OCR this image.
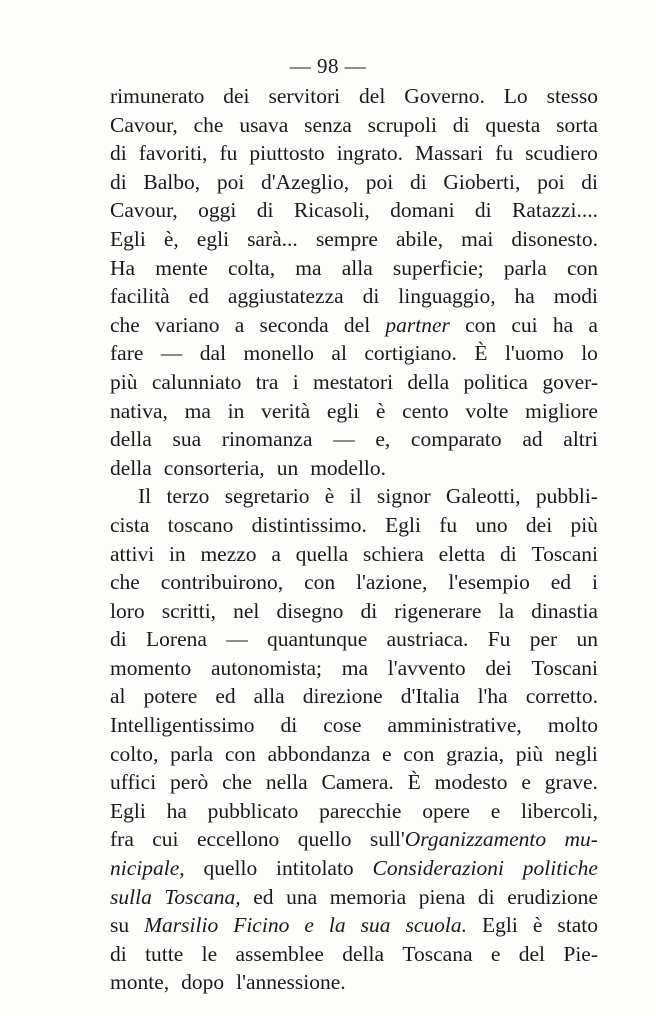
— 98 —
rimunerato dei servitori del Governo. Lo stesso
Cavour, che usava senza scrupoli di questa sorta
di favoriti, fu piuttosto ingrato. Massari fu scudiero
di Balbo, poi d'Azeglio, poi di Gioberti, poi di
Cavour, oggi di Ricasoli, domani di Ratazzi....
Egli è, egli sarà... sempre abile, mai disonesto.
Ha mente colta, ma alla superficie; parla con
facilità ed aggiustatezza di linguaggio, ha modi
che variano a seconda del partner con cui ha a
fare — dal monello al cortigiano. È l'uomo lo
più calunniato tra i mestatori della politica gover-
nativa, ma in verità egli è cento volte migliore
della sua rinomanza — e, comparato ad altri
della consorteria, un modello.
Il terzo segretario è il signor Galeotti, pubbli-
cista toscano distintissimo. Egli fu uno dei più
attivi in mezzo a quella schiera eletta di Toscani
che contribuirono, con l'azione, l'esempio ed i
loro scritti, nel disegno di rigenerare la dinastia
di Lorena — quantunque austriaca. Fu per un
momento autonomista; ma l'avvento dei Toscani
al potere ed alla direzione d'Italia l'ha corretto.
Intelligentissimo di cose amministrative, molto
colto, parla con abbondanza e con grazia, più negli
uffici però che nella Camera. È modesto e grave.
Egli ha pubblicato parecchie opere e libercoli,
fra cui eccellono quello sull'Organizzamento mu-
nicipale, quello intitolato Considerazioni politiche
sulla Toscana, ed una memoria piena di erudizione
su Marsilio Ficino e la sua scuola. Egli è stato
di tutte le assemblee della Toscana e del Pie-
monte, dopo l'annessione.
